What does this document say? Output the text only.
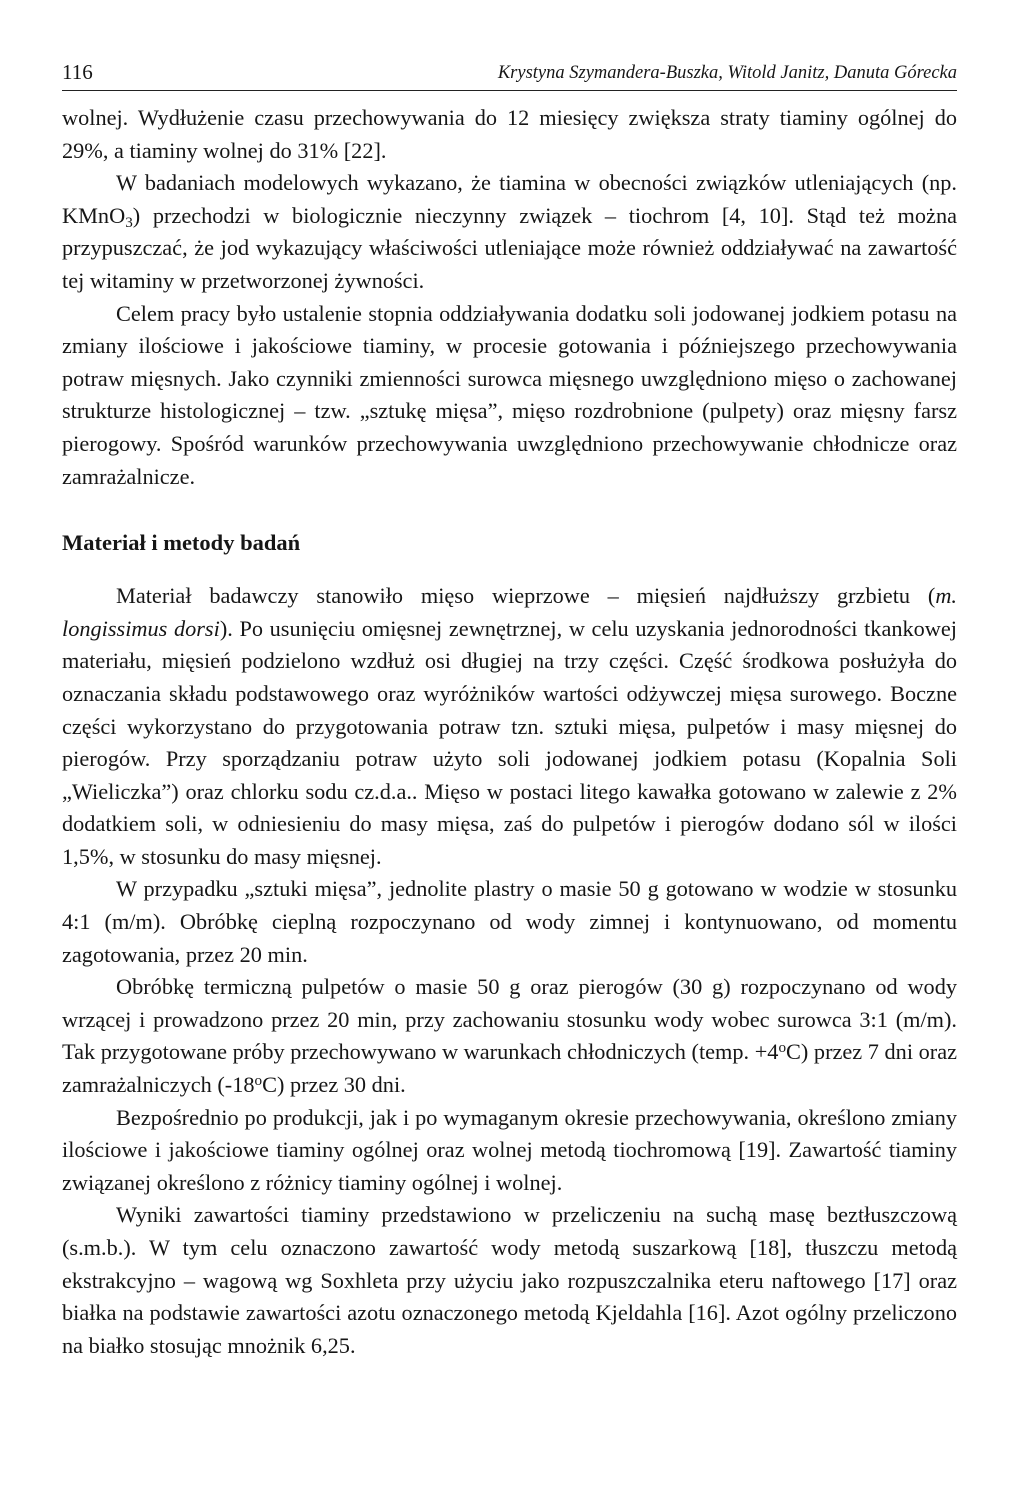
116	Krystyna Szymandera-Buszka, Witold Janitz, Danuta Górecka

wolnej. Wydłużenie czasu przechowywania do 12 miesięcy zwiększa straty tiaminy ogólnej do 29%, a tiaminy wolnej do 31% [22].

W badaniach modelowych wykazano, że tiamina w obecności związków utleniających (np. KMnO$_3$) przechodzi w biologicznie nieczynny związek – tiochrom [4, 10]. Stąd też można przypuszczać, że jod wykazujący właściwości utleniające może również oddziaływać na zawartość tej witaminy w przetworzonej żywności.

Celem pracy było ustalenie stopnia oddziaływania dodatku soli jodowanej jodkiem potasu na zmiany ilościowe i jakościowe tiaminy, w procesie gotowania i późniejszego przechowywania potraw mięsnych. Jako czynniki zmienności surowca mięsnego uwzględniono mięso o zachowanej strukturze histologicznej – tzw. „sztukę mięsa”, mięso rozdrobnione (pulpety) oraz mięsny farsz pierogowy. Spośród warunków przechowywania uwzględniono przechowywanie chłodnicze oraz zamrażalnicze.

Materiał i metody badań

Materiał badawczy stanowiło mięso wieprzowe – mięsień najdłuższy grzbietu (m. longissimus dorsi). Po usunięciu omięsnej zewnętrznej, w celu uzyskania jednorodności tkankowej materiału, mięsień podzielono wzdłuż osi długiej na trzy części. Część środkowa posłużyła do oznaczania składu podstawowego oraz wyróżników wartości odżywczej mięsa surowego. Boczne części wykorzystano do przygotowania potraw tzn. sztuki mięsa, pulpetów i masy mięsnej do pierogów. Przy sporządzaniu potraw użyto soli jodowanej jodkiem potasu (Kopalnia Soli „Wieliczka”) oraz chlorku sodu cz.d.a.. Mięso w postaci litego kawałka gotowano w zalewie z 2% dodatkiem soli, w odniesieniu do masy mięsa, zaś do pulpetów i pierogów dodano sól w ilości 1,5%, w stosunku do masy mięsnej.

W przypadku „sztuki mięsa”, jednolite plastry o masie 50 g gotowano w wodzie w stosunku 4:1 (m/m). Obróbkę cieplną rozpoczynano od wody zimnej i kontynuowano, od momentu zagotowania, przez 20 min.

Obróbkę termiczną pulpetów o masie 50 g oraz pierogów (30 g) rozpoczynano od wody wrzącej i prowadzono przez 20 min, przy zachowaniu stosunku wody wobec surowca 3:1 (m/m). Tak przygotowane próby przechowywano w warunkach chłodniczych (temp. $+4^oC$) przez 7 dni oraz zamrażalniczych (-18$^o$C) przez 30 dni.

Bezpośrednio po produkcji, jak i po wymaganym okresie przechowywania, określono zmiany ilościowe i jakościowe tiaminy ogólnej oraz wolnej metodą tiochromową [19]. Zawartość tiaminy związanej określono z różnicy tiaminy ogólnej i wolnej.

Wyniki zawartości tiaminy przedstawiono w przeliczeniu na suchą masę beztłuszczową (s.m.b.). W tym celu oznaczono zawartość wody metodą suszarkową [18], tłuszczu metodą ekstrakcyjno – wagową wg Soxhleta przy użyciu jako rozpuszczalnika eteru naftowego [17] oraz białka na podstawie zawartości azotu oznaczonego metodą Kjeldahla [16]. Azot ogólny przeliczono na białko stosując mnożnik 6,25.
